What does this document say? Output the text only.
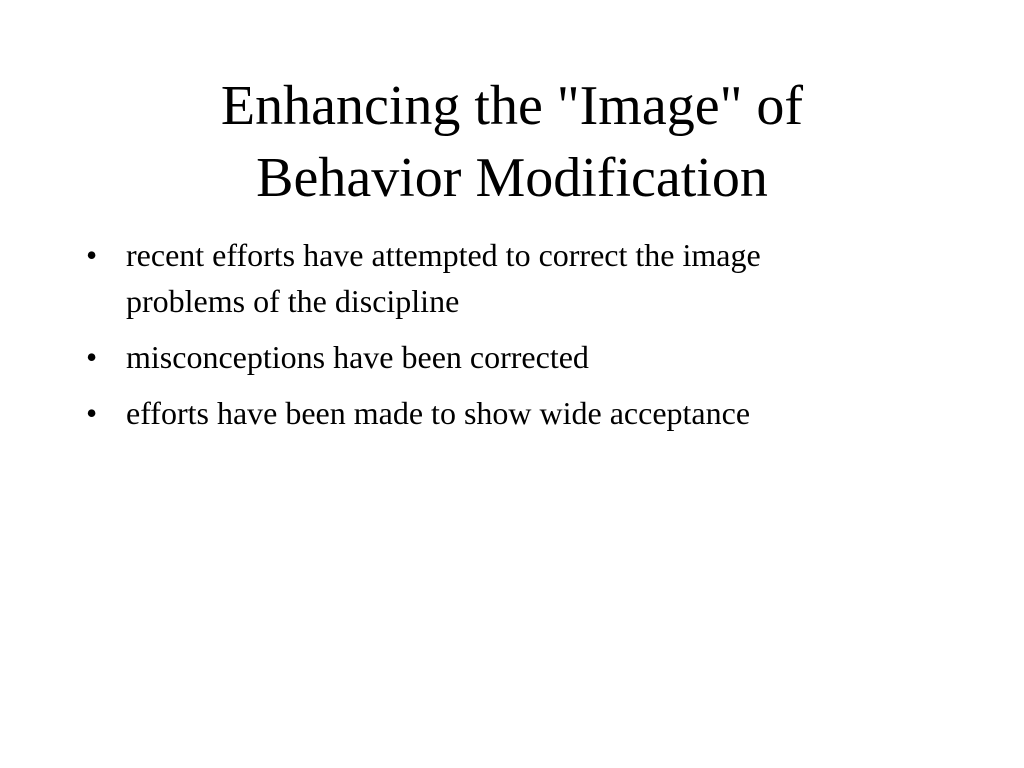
Enhancing the "Image" of
Behavior Modification
• recent efforts have attempted to correct the image
problems of the discipline
• misconceptions have been corrected
• efforts have been made to show wide acceptance
